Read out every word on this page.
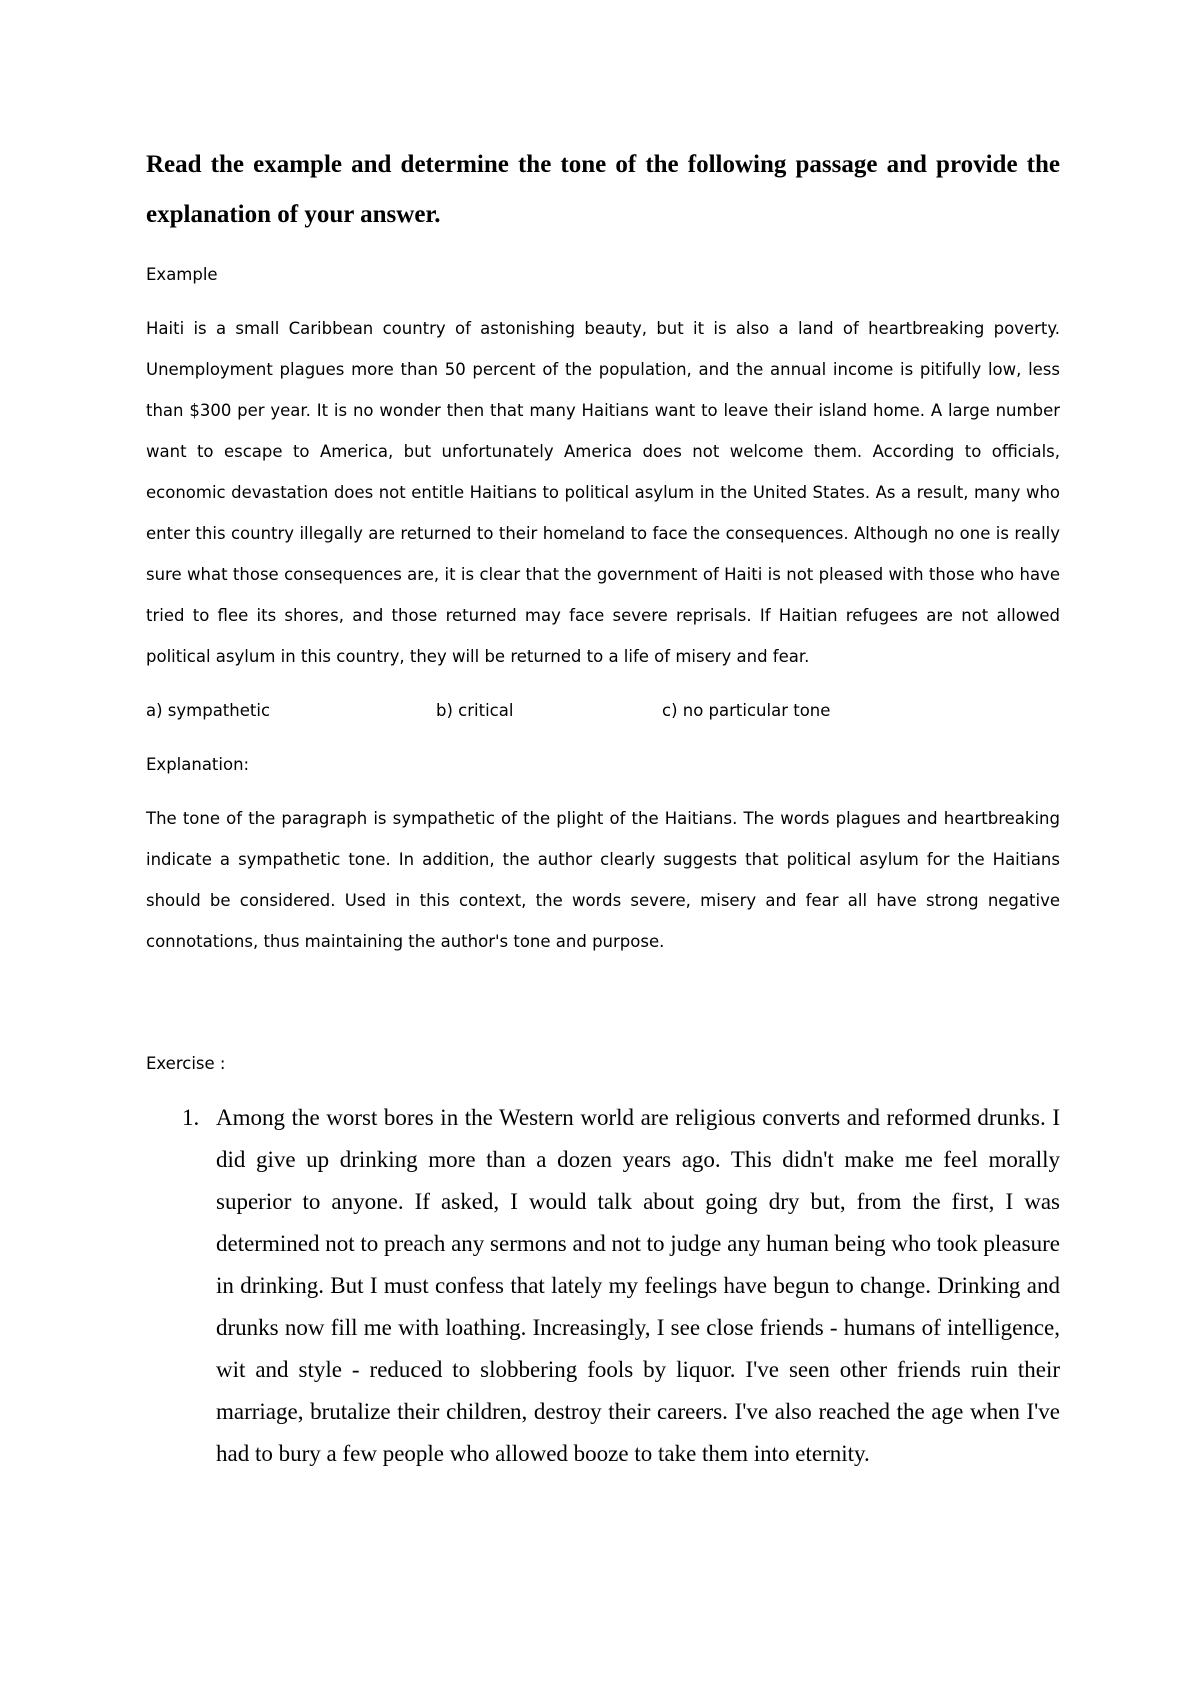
Read the example and determine the tone of the following passage and provide the explanation of your answer.

Example

Haiti is a small Caribbean country of astonishing beauty, but it is also a land of heartbreaking poverty. Unemployment plagues more than 50 percent of the population, and the annual income is pitifully low, less than $300 per year. It is no wonder then that many Haitians want to leave their island home. A large number want to escape to America, but unfortunately America does not welcome them. According to officials, economic devastation does not entitle Haitians to political asylum in the United States. As a result, many who enter this country illegally are returned to their homeland to face the consequences. Although no one is really sure what those consequences are, it is clear that the government of Haiti is not pleased with those who have tried to flee its shores, and those returned may face severe reprisals. If Haitian refugees are not allowed political asylum in this country, they will be returned to a life of misery and fear.

a) sympathetic	b) critical	c) no particular tone
Explanation:

The tone of the paragraph is sympathetic of the plight of the Haitians. The words plagues and heartbreaking indicate a sympathetic tone. In addition, the author clearly suggests that political asylum for the Haitians should be considered. Used in this context, the words severe, misery and fear all have strong negative connotations, thus maintaining the author's tone and purpose.

Exercise :
1. Among the worst bores in the Western world are religious converts and reformed drunks. I did give up drinking more than a dozen years ago. This didn't make me feel morally superior to anyone. If asked, I would talk about going dry but, from the first, I was determined not to preach any sermons and not to judge any human being who took pleasure in drinking. But I must confess that lately my feelings have begun to change. Drinking and drunks now fill me with loathing. Increasingly, I see close friends - humans of intelligence, wit and style - reduced to slobbering fools by liquor. I've seen other friends ruin their marriage, brutalize their children, destroy their careers. I've also reached the age when I've had to bury a few people who allowed booze to take them into eternity.
